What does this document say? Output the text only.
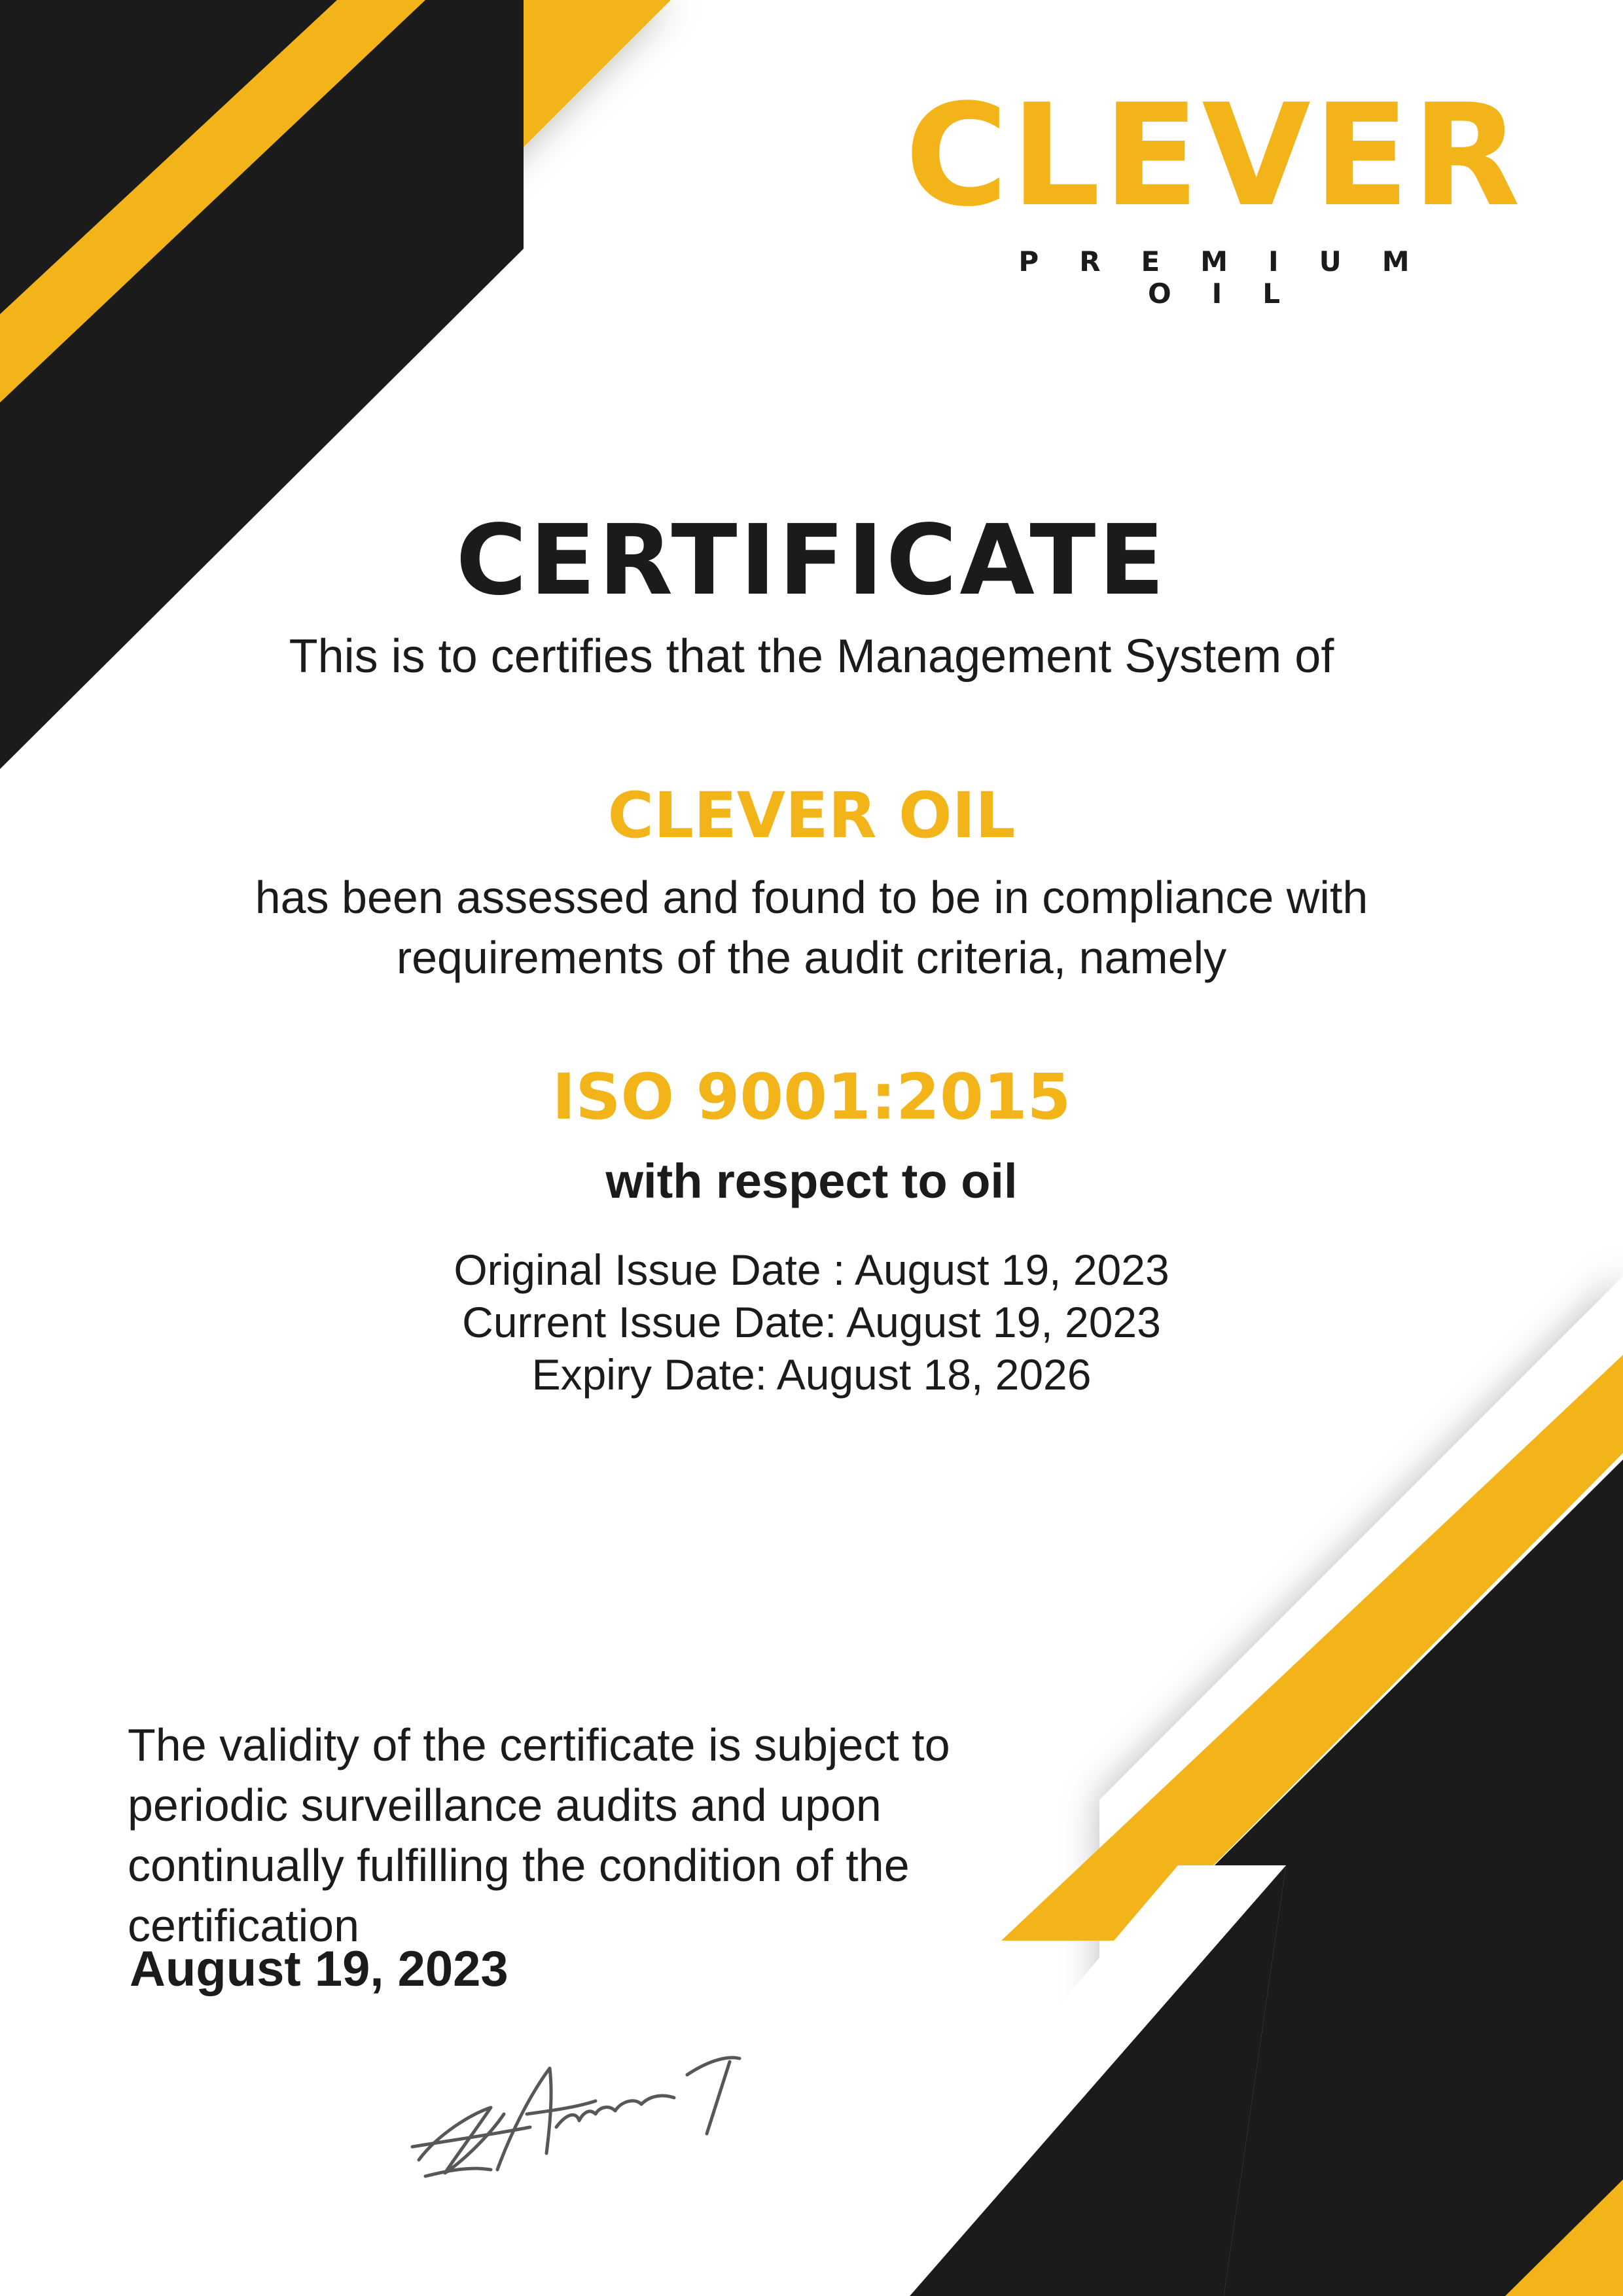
CLEVER
PREMIUM OIL
CERTIFICATE
This is to certifies that the Management System of
CLEVER OIL
has been assessed and found to be in compliance with requirements of the audit criteria, namely
ISO 9001:2015
with respect to oil
Original Issue Date : August 19, 2023
Current Issue Date: August 19, 2023
Expiry Date: August 18, 2026
The validity of the certificate is subject to periodic surveillance audits and upon continually fulfilling the condition of the certification
August 19, 2023
